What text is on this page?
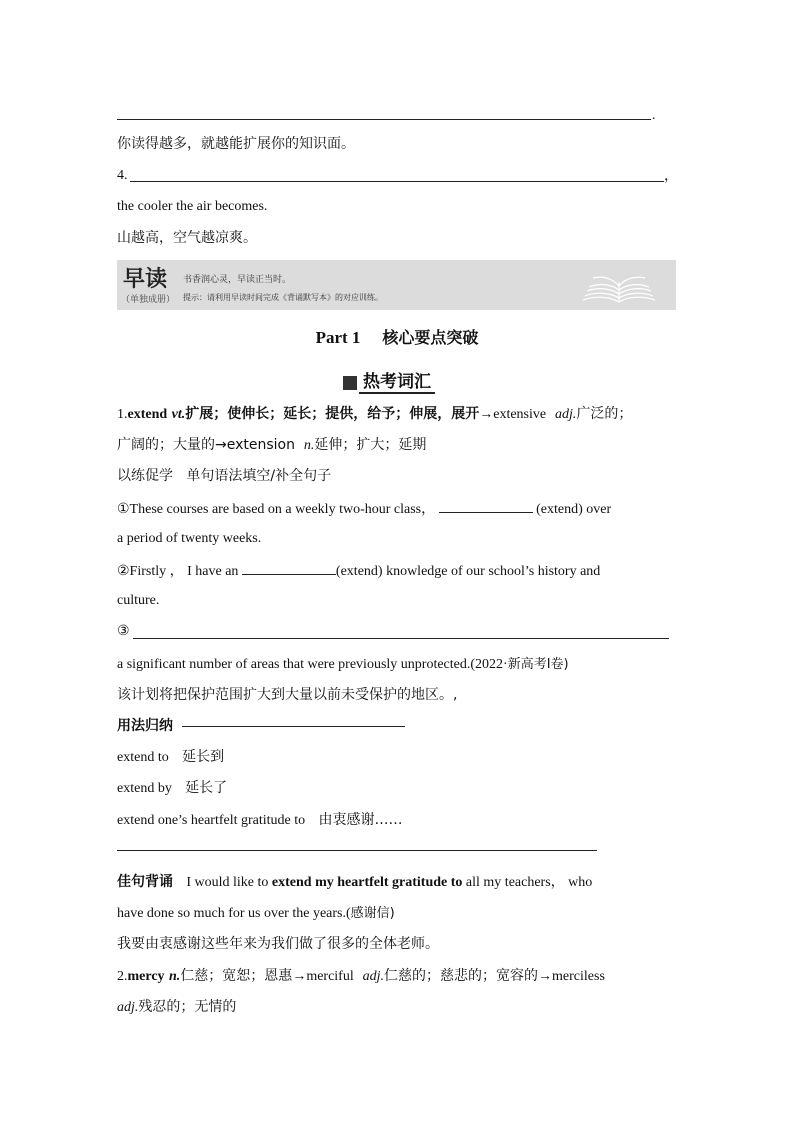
.
你读得越多，就越能扩展你的知识面。
4.	，
the cooler the air becomes.
山越高，空气越凉爽。
早读
（单独成册）
书香润心灵，早读正当时。
提示：请利用早读时间完成《背诵默写本》的对应训练。
Part 1 核心要点突破
热考词汇
1.extend vt.扩展；使伸长；延长；提供，给予；伸展，展开→extensive adj.广泛的；
广阔的；大量的→extension n.延伸；扩大；延期
以练促学 单句语法填空/补全句子
①These courses are based on a weekly two-hour class，	(extend) over
a period of twenty weeks.
②Firstly ， I have an	(extend) knowledge of our school’s history and
culture.
③
a significant number of areas that were previously unprotected.(2022·新高考Ⅰ卷)
该计划将把保护范围扩大到大量以前未受保护的地区。,
用法归纳
extend to 延长到
extend by 延长了
extend one’s heartfelt gratitude to 由衷感谢……
佳句背诵 I would like to extend my heartfelt gratitude to all my teachers， who
have done so much for us over the years.(感谢信)
我要由衷感谢这些年来为我们做了很多的全体老师。
2.mercy n.仁慈；宽恕；恩惠→merciful adj.仁慈的；慈悲的；宽容的→merciless
adj.残忍的；无情的
